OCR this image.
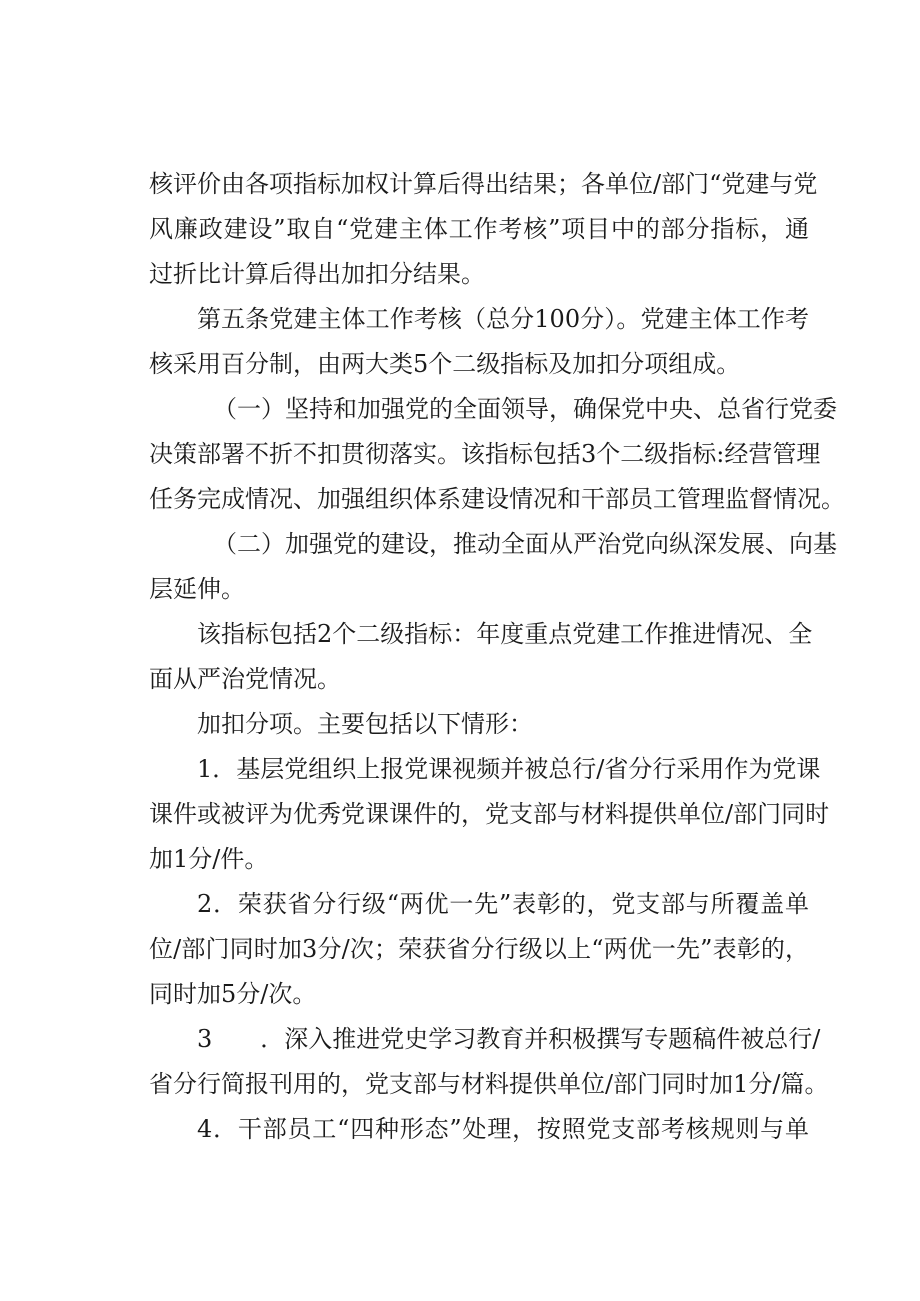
核评价由各项指标加权计算后得出结果；各单位/部门“党建与党
风廉政建设”取自“党建主体工作考核”项目中的部分指标，通
过折比计算后得出加扣分结果。
第五条党建主体工作考核（总分100分）。党建主体工作考
核采用百分制，由两大类5个二级指标及加扣分项组成。
（一）坚持和加强党的全面领导，确保党中央、总省行党委
决策部署不折不扣贯彻落实。该指标包括3个二级指标:经营管理
任务完成情况、加强组织体系建设情况和干部员工管理监督情况。
（二）加强党的建设，推动全面从严治党向纵深发展、向基
层延伸。
该指标包括2个二级指标：年度重点党建工作推进情况、全
面从严治党情况。
加扣分项。主要包括以下情形：
1．基层党组织上报党课视频并被总行/省分行采用作为党课
课件或被评为优秀党课课件的，党支部与材料提供单位/部门同时
加1分/件。
2．荣获省分行级“两优一先”表彰的，党支部与所覆盖单
位/部门同时加3分/次；荣获省分行级以上“两优一先”表彰的，
同时加5分/次。
3　　．深入推进党史学习教育并积极撰写专题稿件被总行/
省分行简报刊用的，党支部与材料提供单位/部门同时加1分/篇。
4．干部员工“四种形态”处理，按照党支部考核规则与单
